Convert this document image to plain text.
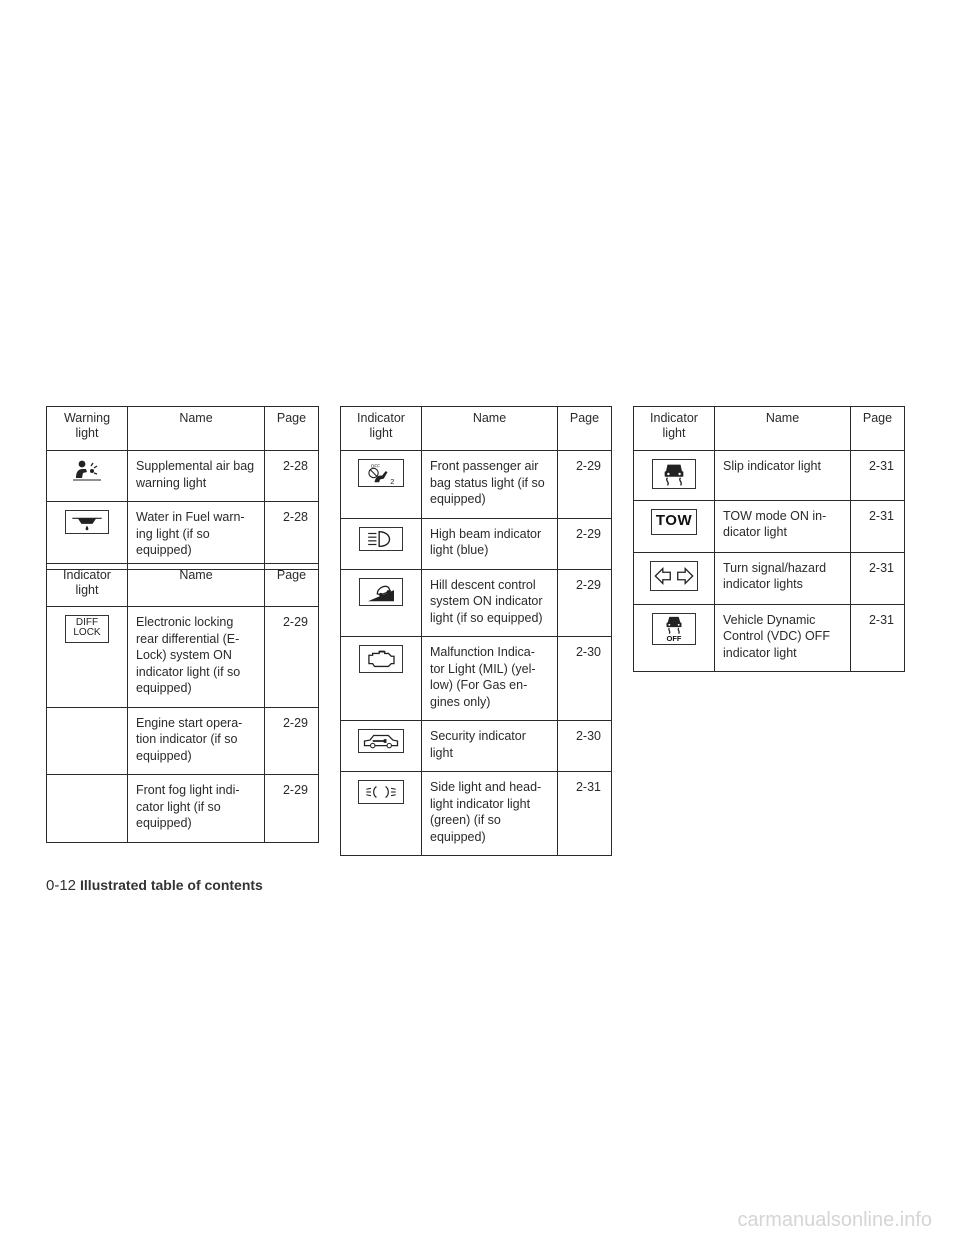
Warning light	Name	Page

	Supplemental air bag warning light	2-28

	Water in Fuel warn- ing light (if so equipped)	2-28
Indicator light	Name	Page

DIFF LOCK	Electronic locking rear differential (E- Lock) system ON indicator light (if so equipped)	2-29
	Engine start opera- tion indicator (if so equipped)	2-29
	Front fog light indi- cator light (if so equipped)	2-29
Indicator light	Name	Page

OFF
2	Front passenger air bag status light (if so equipped)	2-29

	High beam indicator light (blue)	2-29

	Hill descent control system ON indicator light (if so equipped)	2-29

	Malfunction Indica- tor Light (MIL) (yel- low) (For Gas en- gines only)	2-30

	Security indicator light	2-30

	Side light and head- light indicator light (green) (if so equipped)	2-31
Indicator light	Name	Page

	Slip indicator light	2-31

TOW	TOW mode ON in- dicator light	2-31

	Turn signal/hazard indicator lights	2-31

OFF	Vehicle Dynamic Control (VDC) OFF indicator light	2-31
0-12 Illustrated table of contents
carmanualsonline.info
